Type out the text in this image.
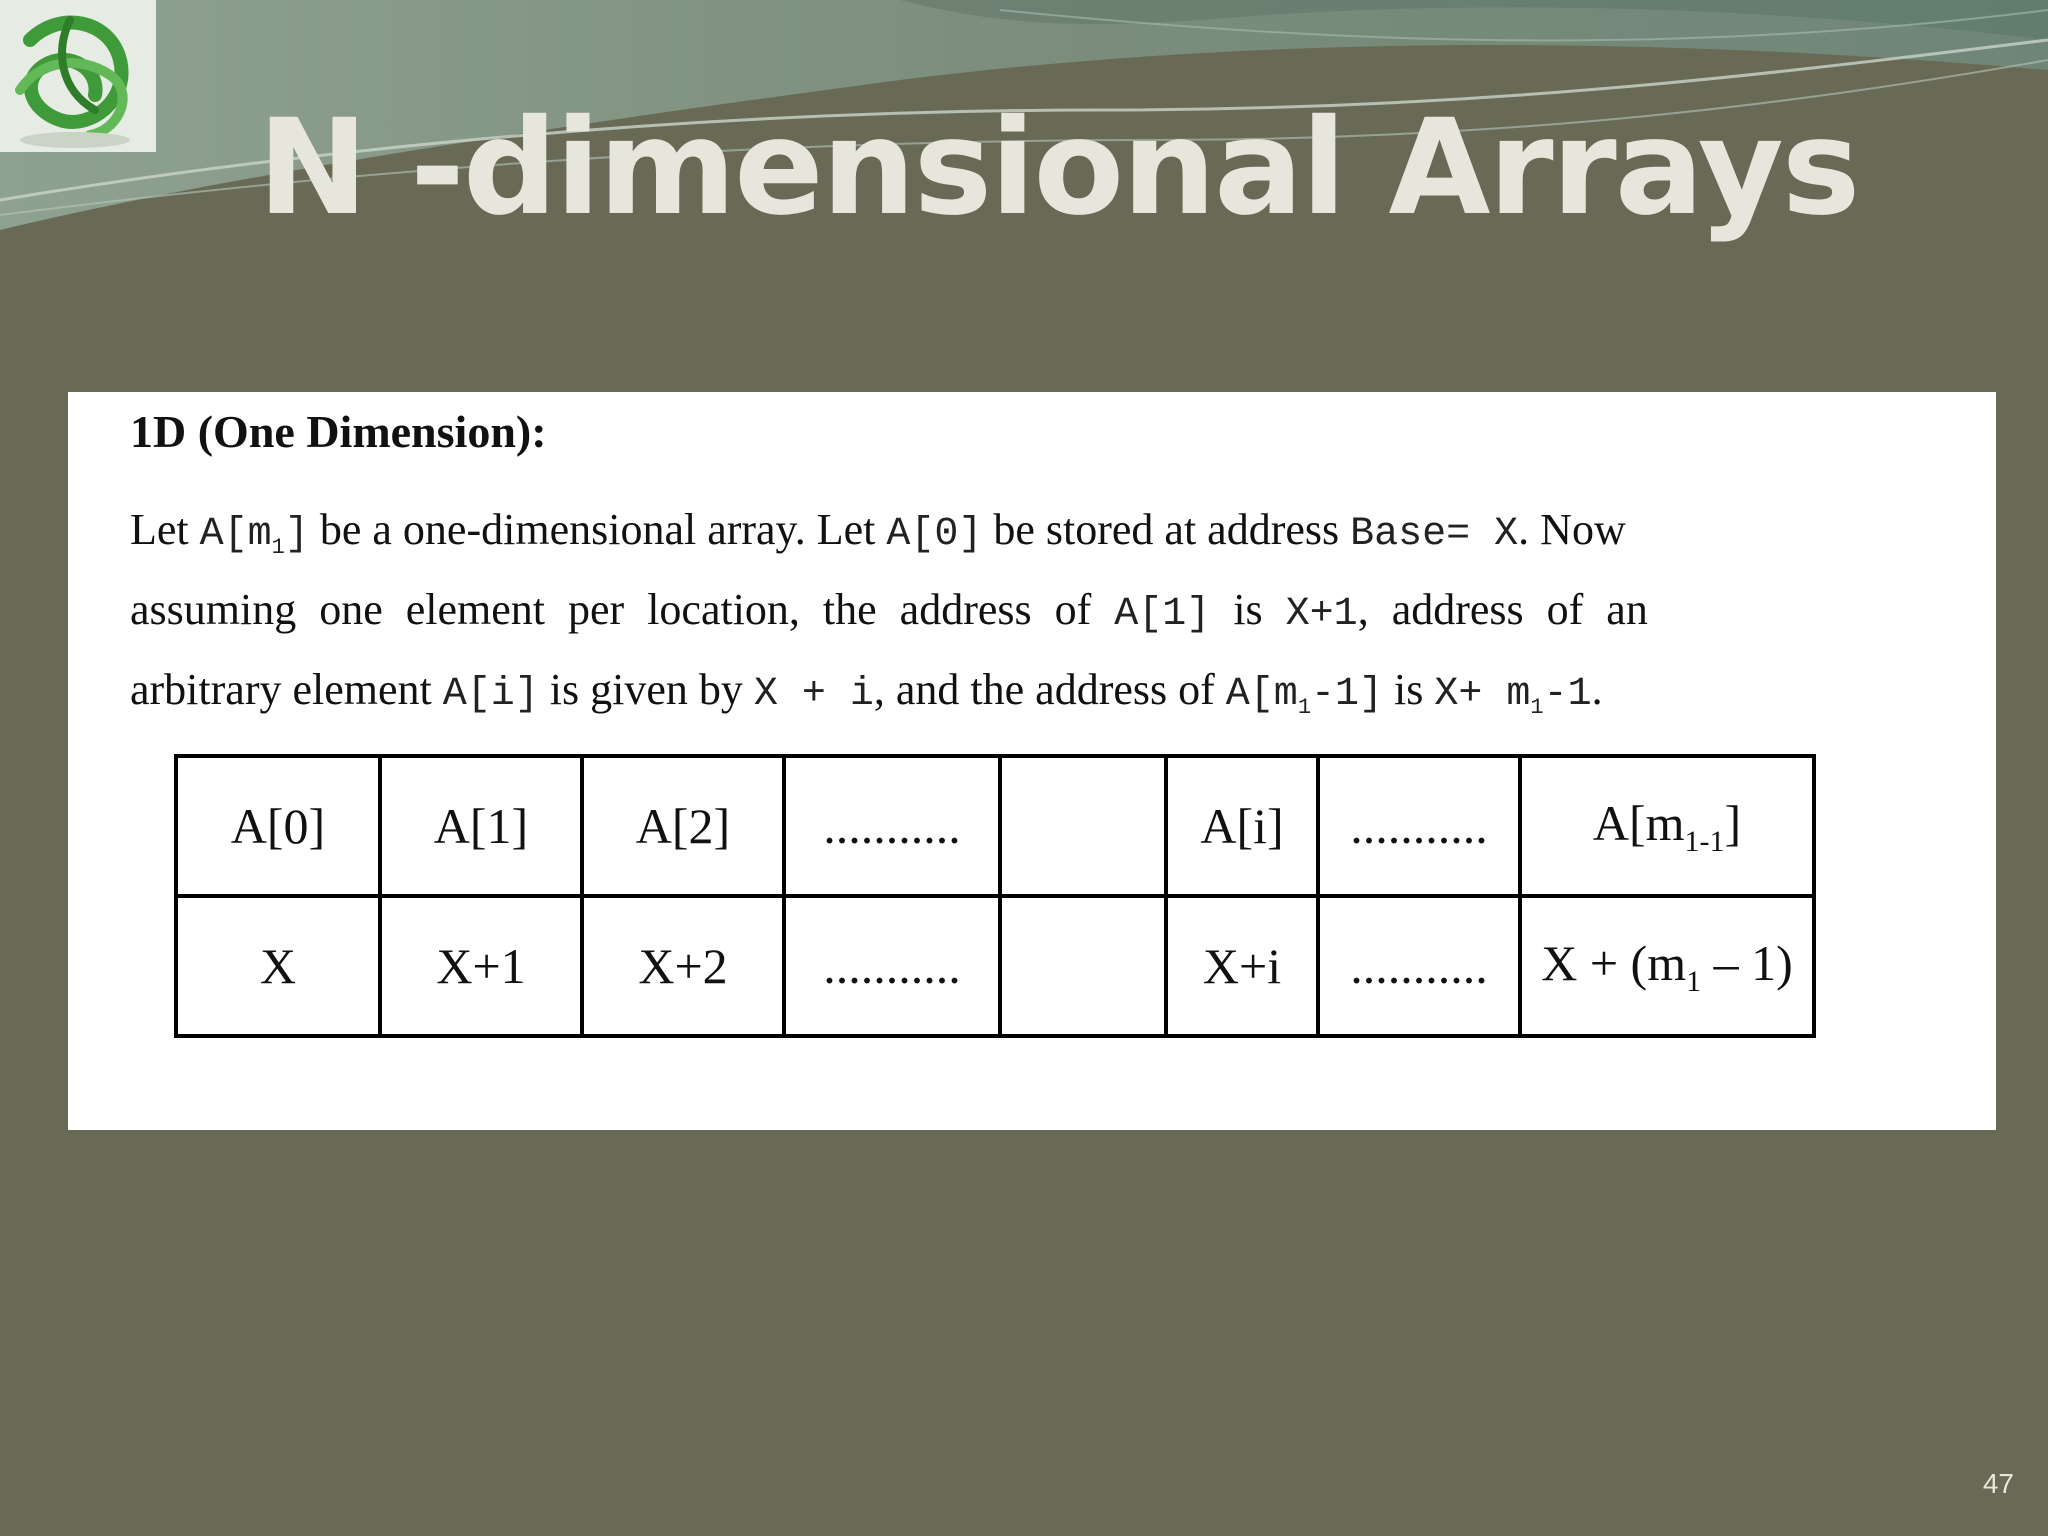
N -dimensional Arrays
1D (One Dimension):
Let $A[m_1]$ be a one-dimensional array. Let A[0] be stored at address Base= X. Now
assuming one element per location, the address of A[1] is X+1, address of an
arbitrary element A[i] is given by X + i, and the address of $A[m_1-1]$ is $X+ m_1-1$.
A[0]	A[1]	A[2]	...........		A[i]	...........	$A[m_{1-1}]$
X	X+1	X+2	...........		X+i	...........	$X + (m_1 - 1)$
47
